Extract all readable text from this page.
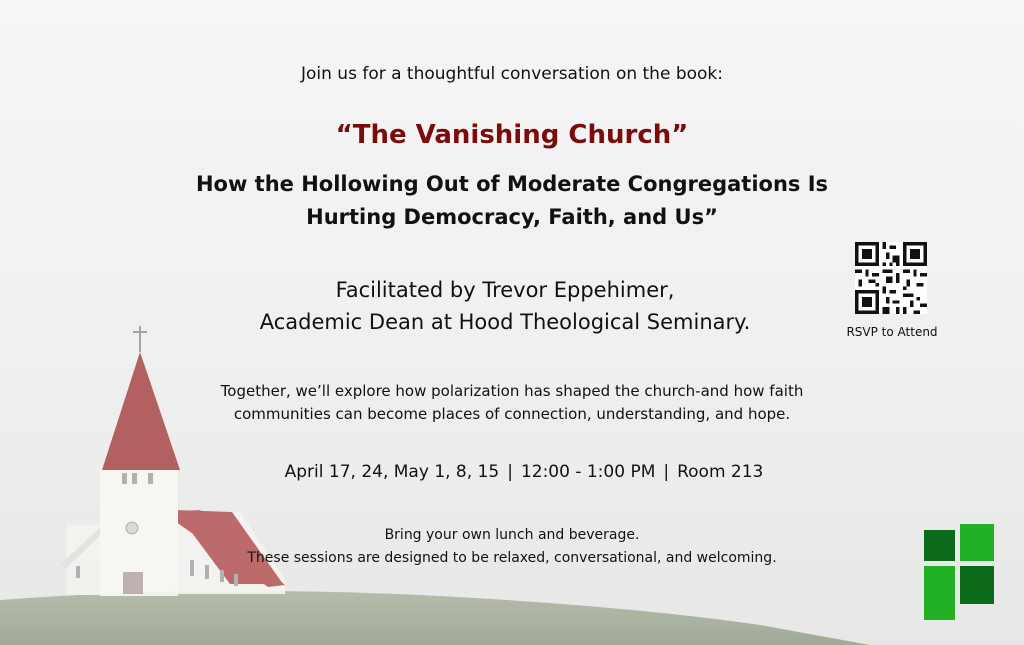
Join us for a thoughtful conversation on the book:
“The Vanishing Church”
How the Hollowing Out of Moderate Congregations Is
Hurting Democracy, Faith, and Us”
Facilitated by Trevor Eppehimer,
Academic Dean at Hood Theological Seminary.
Together, we’ll explore how polarization has shaped the church-and how faith
communities can become places of connection, understanding, and hope.
April 17, 24, May 1, 8, 15 | 12:00 - 1:00 PM | Room 213
Bring your own lunch and beverage.
These sessions are designed to be relaxed, conversational, and welcoming.
RSVP to Attend
